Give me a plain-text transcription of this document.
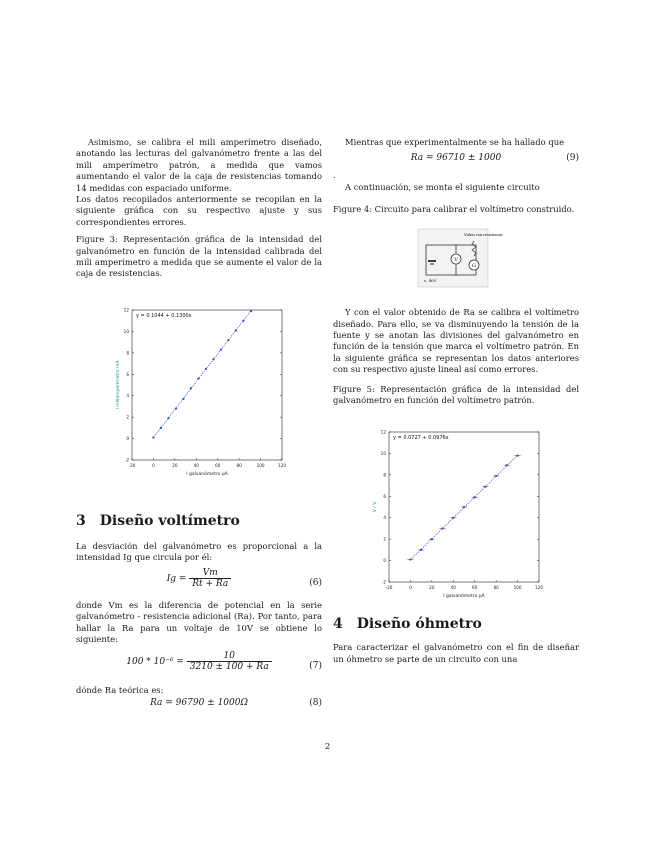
Asimismo, se calibra el mili amperímetro diseñado, anotando las lecturas del galvanómetro frente a las del mili amperímetro patrón, a medida que vamos aumentando el valor de la caja de resistencias tomando 14 medidas con espaciado uniforme.

Los datos recopilados anteriormente se recopilan en la siguiente gráfica con su respectivo ajuste y sus correspondientes errores.

Figure 3: Representación gráfica de la intensidad del galvanómetro en función de la intensidad calibrada del mili amperímetro a medida que se aumente el valor de la caja de resistencias.

-20	0	20	40	60	80	100	120
-2
0
2
4
6
8
10
12
y = 0.1044 + 0.1300x
I galvanómetro µA
I miliamperímetro mA
3 Diseño voltímetro

La desviación del galvanómetro es proporcional a la intensidad Ig que circula por él:

$Ig = \frac{Vm}{Rt + Ra}$	(6)

donde Vm es la diferencia de potencial en la serie galvanómetro - resistencia adicional (Ra). Por tanto, para hallar la Ra para un voltaje de 10V se obtiene lo siguiente:

$100 * 10^{-6} = \frac{10}{3210 \pm 100 + Ra}$	(7)

dónde Ra teórica es:

Ra = 96790 ± 1000Ω	(8)

Mientras que experimentalmente se ha hallado que

Ra = 96710 ± 1000	(9)

.

A continuación, se monta el siguiente circuito

Figure 4: Circuito para calibrar el voltímetro construido.

V
G
Vidrio con resistencia
ε, 40V

Y con el valor obtenido de Ra se calibra el voltímetro diseñado. Para ello, se va disminuyendo la tensión de la fuente y se anotan las divisiones del galvanómetro en función de la tensión que marca el voltímetro patrón. En la siguiente gráfica se representan los datos anteriores con su respectivo ajuste lineal así como errores.

Figure 5: Representación gráfica de la intensidad del galvanómetro en función del voltímetro patrón.

-20	0	20	40	60	80	100	120
-2
0
2
4
6
8
10
12
y = 0.0727 + 0.0976x
I galvanómetro µA
V / V
4 Diseño óhmetro

Para caracterizar el galvanómetro con el fin de diseñar un óhmetro se parte de un circuito con una

2
